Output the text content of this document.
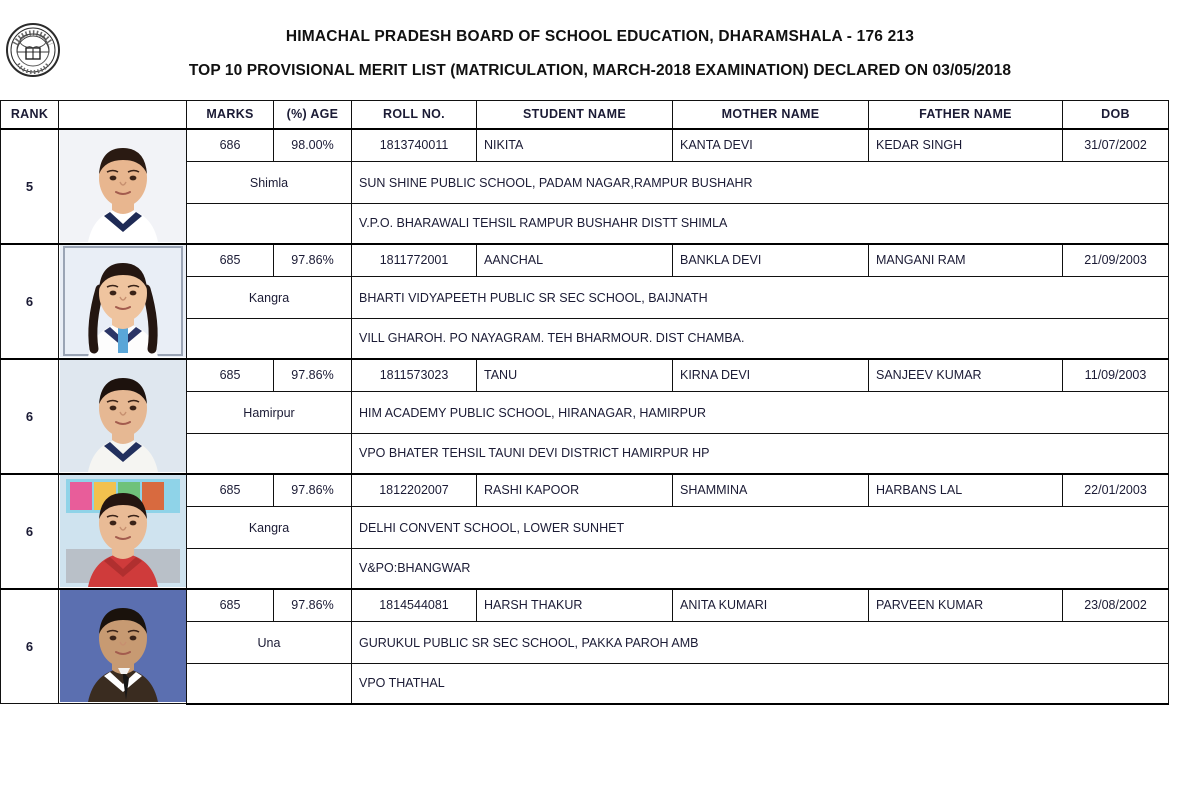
HIMACHAL PRADESH BOARD OF SCHOOL EDUCATION, DHARAMSHALA - 176 213
TOP 10 PROVISIONAL MERIT LIST (MATRICULATION, MARCH-2018 EXAMINATION) DECLARED ON 03/05/2018
RANK		MARKS	(%) AGE	ROLL NO.	STUDENT NAME	MOTHER NAME	FATHER NAME	DOB
5		686	98.00%	1813740011	NIKITA	KANTA DEVI	KEDAR SINGH	31/07/2002
		Shimla		SUN SHINE PUBLIC SCHOOL, PADAM NAGAR,RAMPUR BUSHAHR				
				V.P.O. BHARAWALI TEHSIL RAMPUR BUSHAHR DISTT SHIMLA				
6		685	97.86%	1811772001	AANCHAL	BANKLA DEVI	MANGANI RAM	21/09/2003
		Kangra		BHARTI VIDYAPEETH PUBLIC SR SEC SCHOOL, BAIJNATH				
				VILL GHAROH. PO NAYAGRAM. TEH BHARMOUR. DIST CHAMBA.				
6		685	97.86%	1811573023	TANU	KIRNA DEVI	SANJEEV KUMAR	11/09/2003
		Hamirpur		HIM ACADEMY PUBLIC SCHOOL, HIRANAGAR, HAMIRPUR				
				VPO BHATER TEHSIL TAUNI DEVI DISTRICT HAMIRPUR HP				
6		685	97.86%	1812202007	RASHI KAPOOR	SHAMMINA	HARBANS LAL	22/01/2003
		Kangra		DELHI CONVENT SCHOOL, LOWER SUNHET				
				V&PO:BHANGWAR				
6		685	97.86%	1814544081	HARSH THAKUR	ANITA KUMARI	PARVEEN KUMAR	23/08/2002
		Una		GURUKUL PUBLIC SR SEC SCHOOL, PAKKA PAROH AMB				
				VPO THATHAL				
